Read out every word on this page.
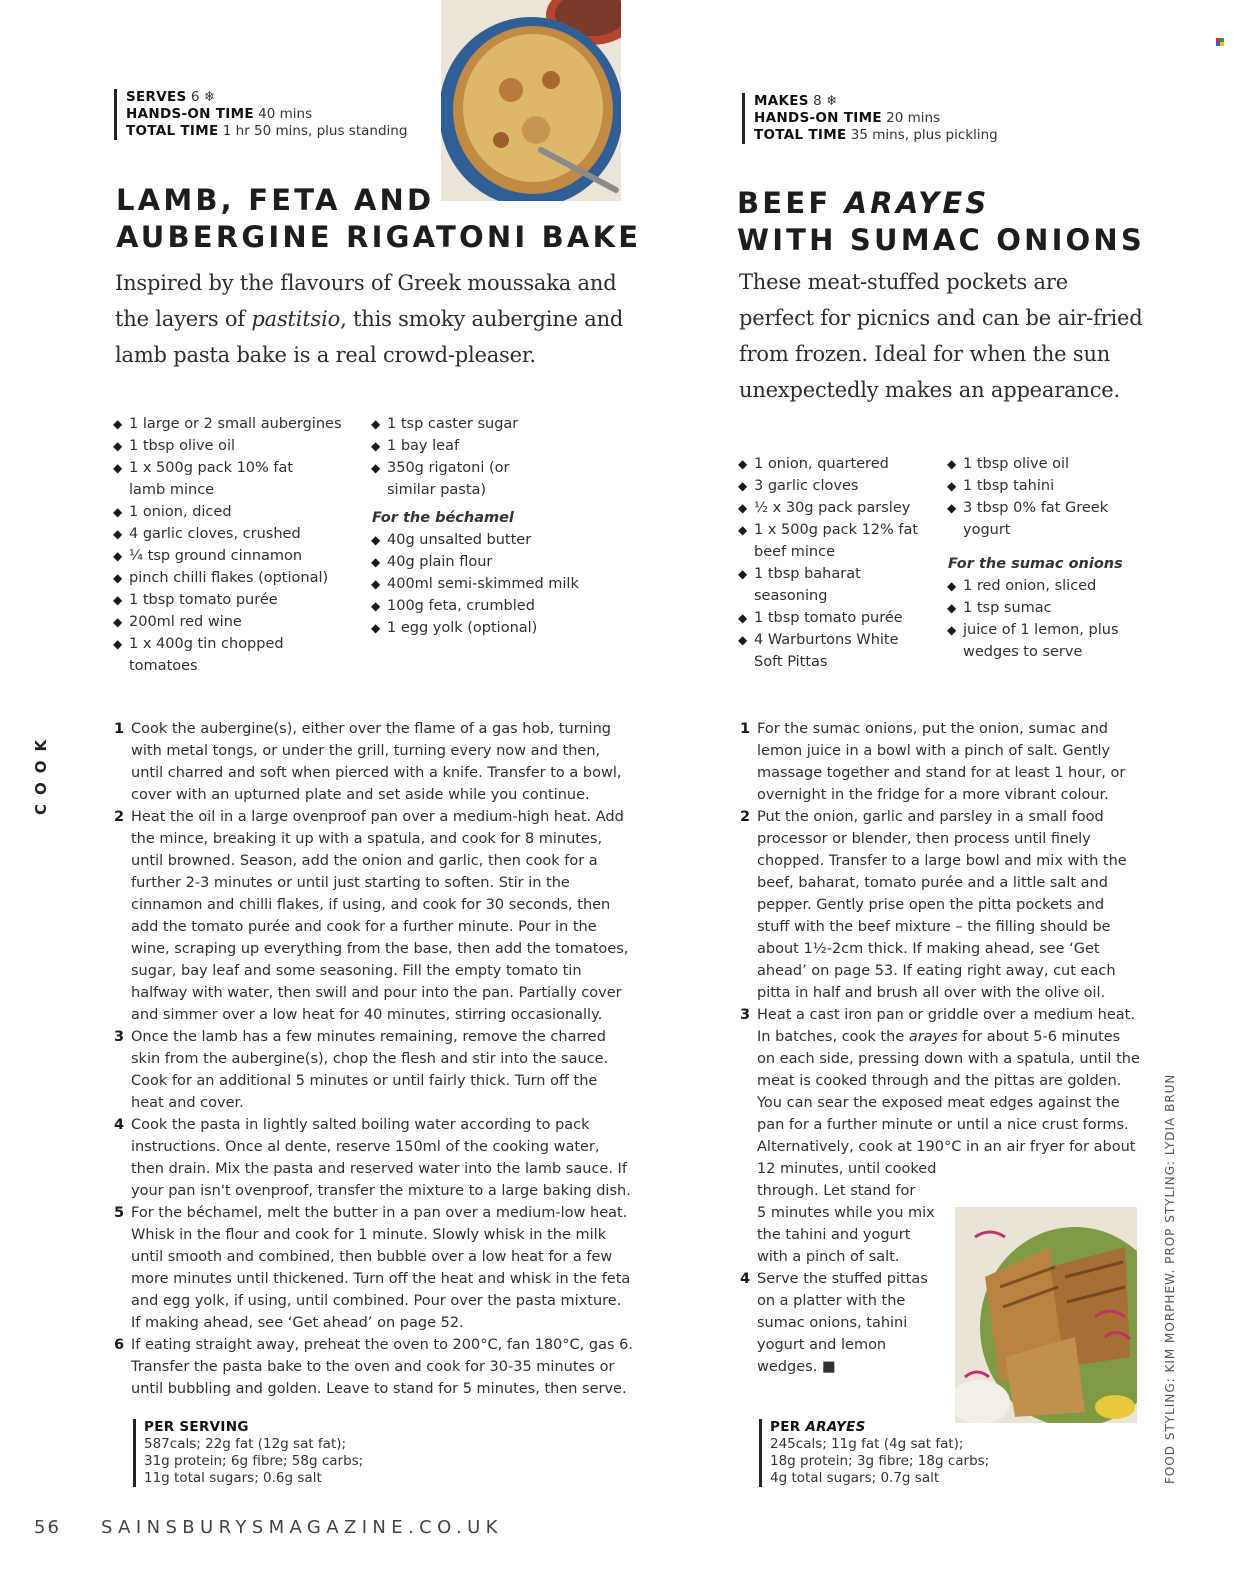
SERVES 6 ❄
HANDS-ON TIME 40 mins
TOTAL TIME 1 hr 50 mins, plus standing
LAMB, FETA AND
AUBERGINE RIGATONI BAKE
Inspired by the flavours of Greek moussaka and
the layers of pastitsio, this smoky aubergine and
lamb pasta bake is a real crowd-pleaser.
◆ 1 large or 2 small aubergines
◆ 1 tbsp olive oil
◆ 1 x 500g pack 10% fat lamb mince
◆ 1 onion, diced
◆ 4 garlic cloves, crushed
◆ ¼ tsp ground cinnamon
◆ pinch chilli flakes (optional)
◆ 1 tbsp tomato purée
◆ 200ml red wine
◆ 1 x 400g tin chopped tomatoes
◆ 1 tsp caster sugar
◆ 1 bay leaf
◆ 350g rigatoni (or similar pasta)
For the béchamel
◆ 40g unsalted butter
◆ 40g plain flour
◆ 400ml semi-skimmed milk
◆ 100g feta, crumbled
◆ 1 egg yolk (optional)
1 Cook the aubergine(s), either over the flame of a gas hob, turning with metal tongs, or under the grill, turning every now and then, until charred and soft when pierced with a knife. Transfer to a bowl, cover with an upturned plate and set aside while you continue.
2 Heat the oil in a large ovenproof pan over a medium-high heat. Add the mince, breaking it up with a spatula, and cook for 8 minutes, until browned. Season, add the onion and garlic, then cook for a further 2-3 minutes or until just starting to soften. Stir in the cinnamon and chilli flakes, if using, and cook for 30 seconds, then add the tomato purée and cook for a further minute. Pour in the wine, scraping up everything from the base, then add the tomatoes, sugar, bay leaf and some seasoning. Fill the empty tomato tin halfway with water, then swill and pour into the pan. Partially cover and simmer over a low heat for 40 minutes, stirring occasionally.
3 Once the lamb has a few minutes remaining, remove the charred skin from the aubergine(s), chop the flesh and stir into the sauce. Cook for an additional 5 minutes or until fairly thick. Turn off the heat and cover.
4 Cook the pasta in lightly salted boiling water according to pack instructions. Once al dente, reserve 150ml of the cooking water, then drain. Mix the pasta and reserved water into the lamb sauce. If your pan isn't ovenproof, transfer the mixture to a large baking dish.
5 For the béchamel, melt the butter in a pan over a medium-low heat. Whisk in the flour and cook for 1 minute. Slowly whisk in the milk until smooth and combined, then bubble over a low heat for a few more minutes until thickened. Turn off the heat and whisk in the feta and egg yolk, if using, until combined. Pour over the pasta mixture. If making ahead, see ‘Get ahead’ on page 52.
6 If eating straight away, preheat the oven to 200°C, fan 180°C, gas 6. Transfer the pasta bake to the oven and cook for 30-35 minutes or until bubbling and golden. Leave to stand for 5 minutes, then serve.
PER SERVING
587cals; 22g fat (12g sat fat);
31g protein; 6g fibre; 58g carbs;
11g total sugars; 0.6g salt
COOK
56 SAINSBURYSMAGAZINE.CO.UK
MAKES 8 ❄
HANDS-ON TIME 20 mins
TOTAL TIME 35 mins, plus pickling
BEEF ARAYES
WITH SUMAC ONIONS
These meat-stuffed pockets are
perfect for picnics and can be air-fried
from frozen. Ideal for when the sun
unexpectedly makes an appearance.
◆ 1 onion, quartered
◆ 3 garlic cloves
◆ ½ x 30g pack parsley
◆ 1 x 500g pack 12% fat beef mince
◆ 1 tbsp baharat seasoning
◆ 1 tbsp tomato purée
◆ 4 Warburtons White Soft Pittas
◆ 1 tbsp olive oil
◆ 1 tbsp tahini
◆ 3 tbsp 0% fat Greek yogurt
For the sumac onions
◆ 1 red onion, sliced
◆ 1 tsp sumac
◆ juice of 1 lemon, plus wedges to serve
1 For the sumac onions, put the onion, sumac and lemon juice in a bowl with a pinch of salt. Gently massage together and stand for at least 1 hour, or overnight in the fridge for a more vibrant colour.
2 Put the onion, garlic and parsley in a small food processor or blender, then process until finely chopped. Transfer to a large bowl and mix with the beef, baharat, tomato purée and a little salt and pepper. Gently prise open the pitta pockets and stuff with the beef mixture – the filling should be about 1½-2cm thick. If making ahead, see ‘Get ahead’ on page 53. If eating right away, cut each pitta in half and brush all over with the olive oil.
3 Heat a cast iron pan or griddle over a medium heat. In batches, cook the arayes for about 5-6 minutes on each side, pressing down with a spatula, until the meat is cooked through and the pittas are golden. You can sear the exposed meat edges against the pan for a further minute or until a nice crust forms. Alternatively, cook at 190°C in an air fryer for about 12 minutes, until cooked
through. Let stand for
5 minutes while you mix
the tahini and yogurt
with a pinch of salt.
4 Serve the stuffed pittas
on a platter with the
sumac onions, tahini
yogurt and lemon
wedges. ■
PER ARAYES
245cals; 11g fat (4g sat fat);
18g protein; 3g fibre; 18g carbs;
4g total sugars; 0.7g salt	FOOD STYLING: KIM MORPHEW. PROP STYLING: LYDIA BRUN
